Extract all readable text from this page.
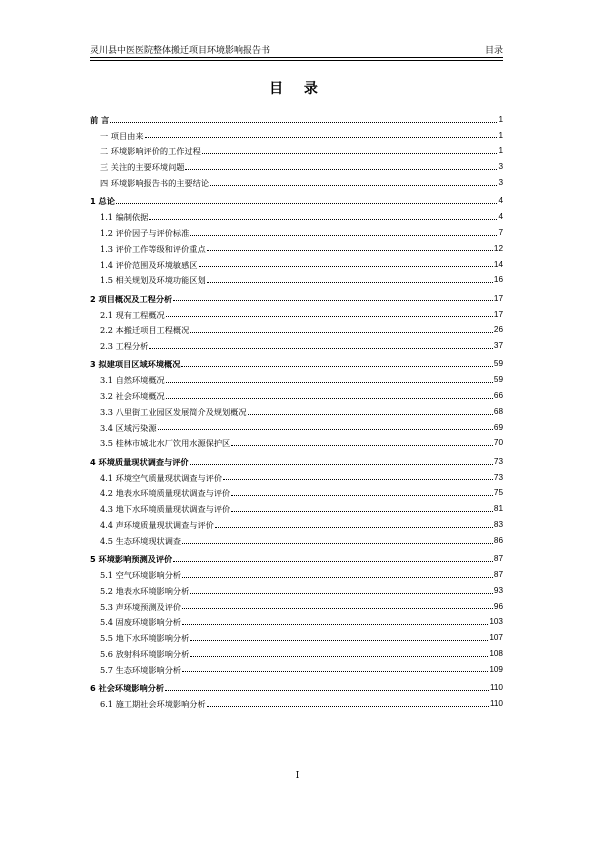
灵川县中医医院整体搬迁项目环境影响报告书	目录
目 录
前 言	1
一 项目由来	1
二 环境影响评价的工作过程	1
三 关注的主要环境问题	3
四 环境影响报告书的主要结论	3
1 总论	4
1.1 编制依据	4
1.2 评价因子与评价标准	7
1.3 评价工作等级和评价重点	12
1.4 评价范围及环境敏感区	14
1.5 相关规划及环境功能区划	16
2 项目概况及工程分析	17
2.1 现有工程概况	17
2.2 本搬迁项目工程概况	26
2.3 工程分析	37
3 拟建项目区域环境概况	59
3.1 自然环境概况	59
3.2 社会环境概况	66
3.3 八里街工业园区发展简介及规划概况	68
3.4 区域污染源	69
3.5 桂林市城北水厂饮用水源保护区	70
4 环境质量现状调查与评价	73
4.1 环境空气质量现状调查与评价	73
4.2 地表水环境质量现状调查与评价	75
4.3 地下水环境质量现状调查与评价	81
4.4 声环境质量现状调查与评价	83
4.5 生态环境现状调查	86
5 环境影响预测及评价	87
5.1 空气环境影响分析	87
5.2 地表水环境影响分析	93
5.3 声环境预测及评价	96
5.4 固废环境影响分析	103
5.5 地下水环境影响分析	107
5.6 放射科环境影响分析	108
5.7 生态环境影响分析	109
6 社会环境影响分析	110
6.1 施工期社会环境影响分析	110
I
